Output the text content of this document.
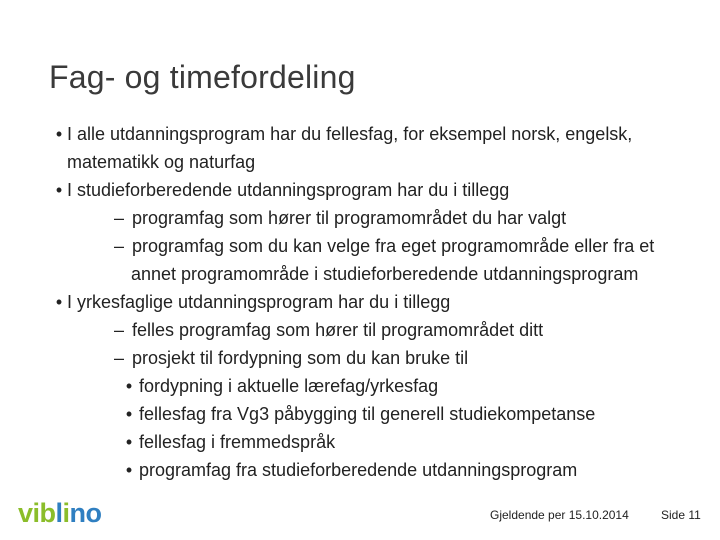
Fag- og timefordeling
• I alle utdanningsprogram har du fellesfag, for eksempel norsk, engelsk,
matematikk og naturfag
• I studieforberedende utdanningsprogram har du i tillegg
– programfag som hører til programområdet du har valgt
– programfag som du kan velge fra eget programområde eller fra et
annet programområde i studieforberedende utdanningsprogram
• I yrkesfaglige utdanningsprogram har du i tillegg
– felles programfag som hører til programområdet ditt
– prosjekt til fordypning som du kan bruke til
• fordypning i aktuelle lærefag/yrkesfag
• fellesfag fra Vg3 påbygging til generell studiekompetanse
• fellesfag i fremmedspråk
• programfag fra studieforberedende utdanningsprogram
viblino	Gjeldende per 15.10.2014	Side 11
